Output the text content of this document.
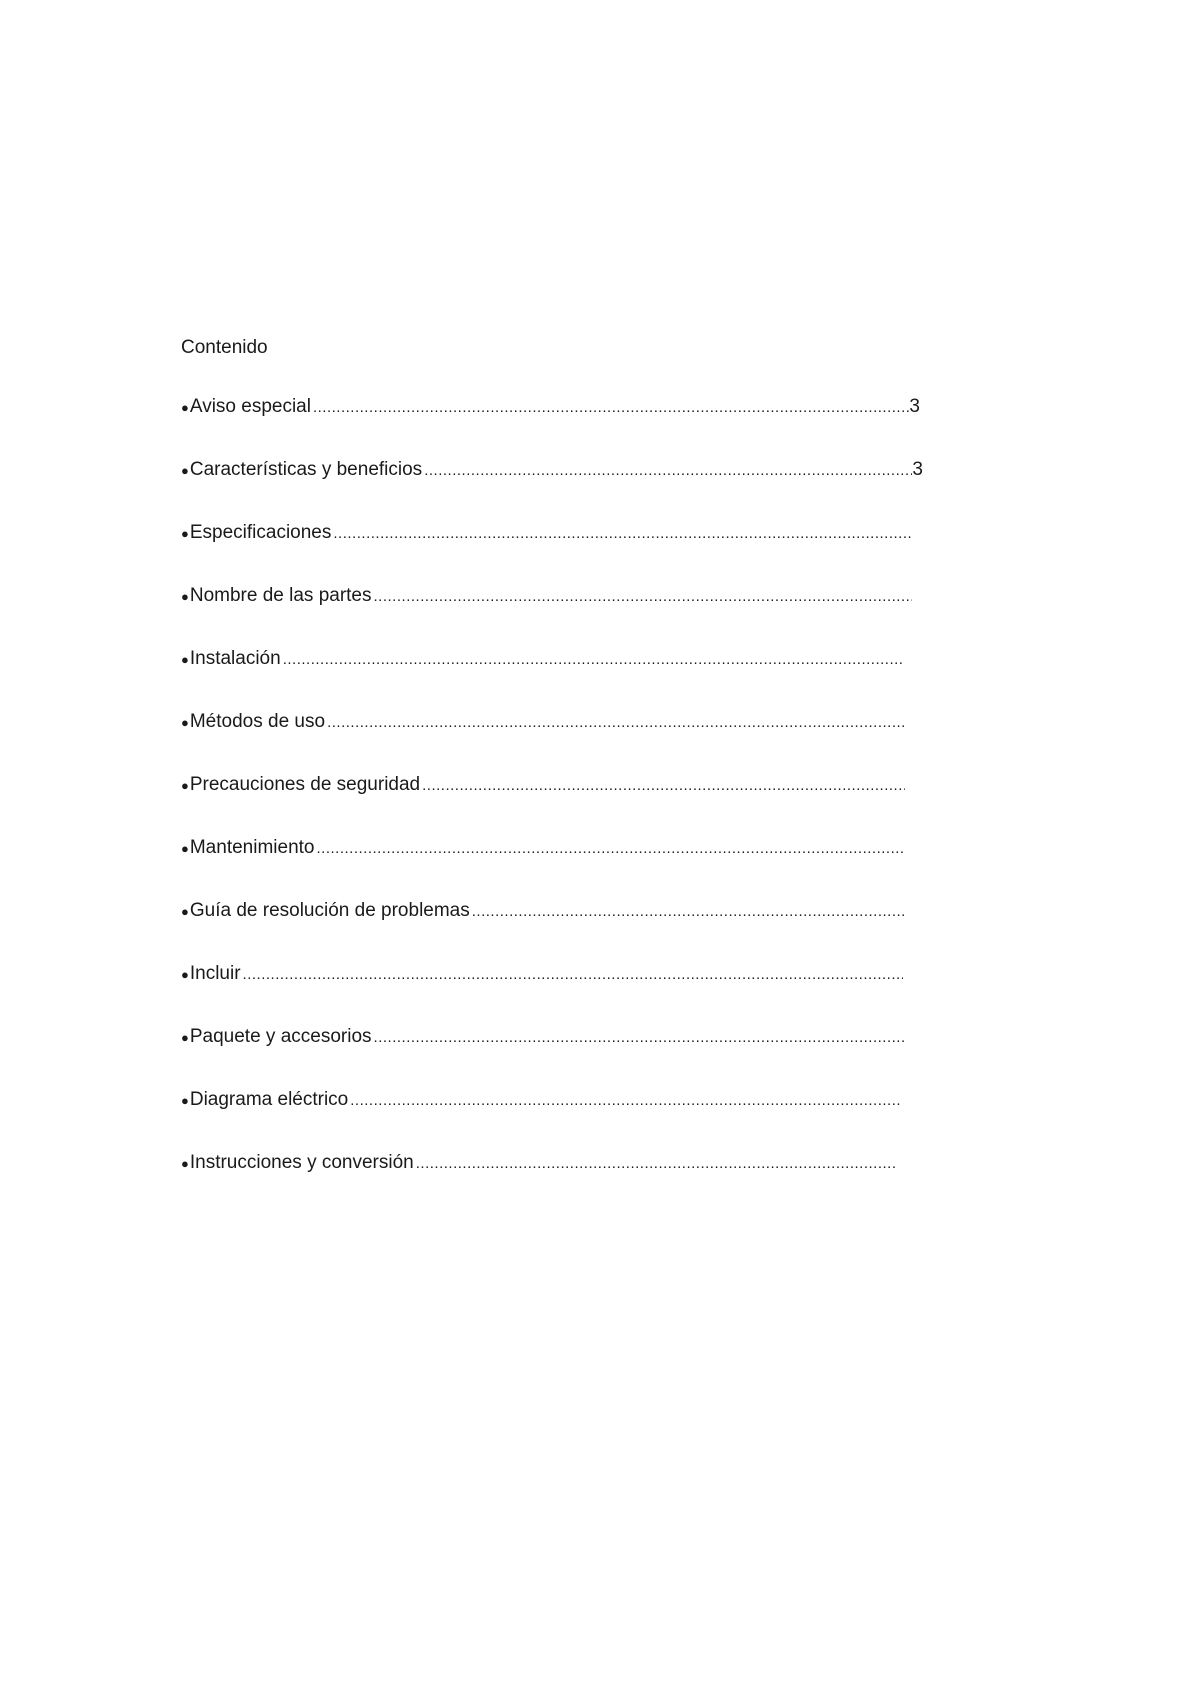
Contenido
● Aviso especial .....	3
● Características y beneficios .....	3
● Especificaciones
.....
● Nombre de las partes
.....
● Instalación
.....
● Métodos de uso
.....
● Precauciones de seguridad
.....
● Mantenimiento
.....
● Guía de resolución de problemas
.....
● Incluir
.....
● Paquete y accesorios
.....
● Diagrama eléctrico
.....
● Instrucciones y conversión
.....
